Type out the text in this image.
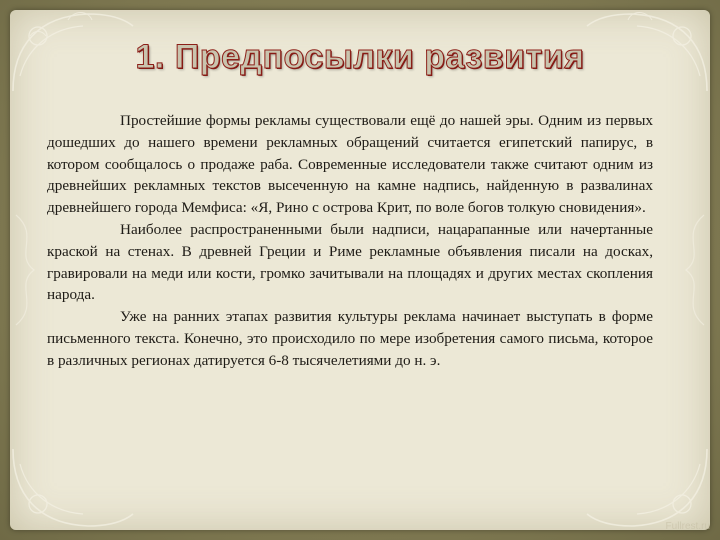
1. Предпосылки развития

Простейшие формы рекламы существовали ещё до нашей эры. Одним из первых дошедших до нашего времени рекламных обращений считается египетский папирус, в котором сообщалось о продаже раба. Современные исследователи также считают одним из древнейших рекламных текстов высеченную на камне надпись, найденную в развалинах древнейшего города Мемфиса: «Я, Рино с острова Крит, по воле богов толкую сновидения».

Наиболее распространенными были надписи, нацарапанные или начертанные краской на стенах. В древней Греции и Риме рекламные объявления писали на досках, гравировали на меди или кости, громко зачитывали на площадях и других местах скопления народа.

Уже на ранних этапах развития культуры реклама начинает выступать в форме письменного текста. Конечно, это происходило по мере изобретения самого письма, которое в различных регионах датируется 6-8 тысячелетиями до н. э.

Fullrest.ru
